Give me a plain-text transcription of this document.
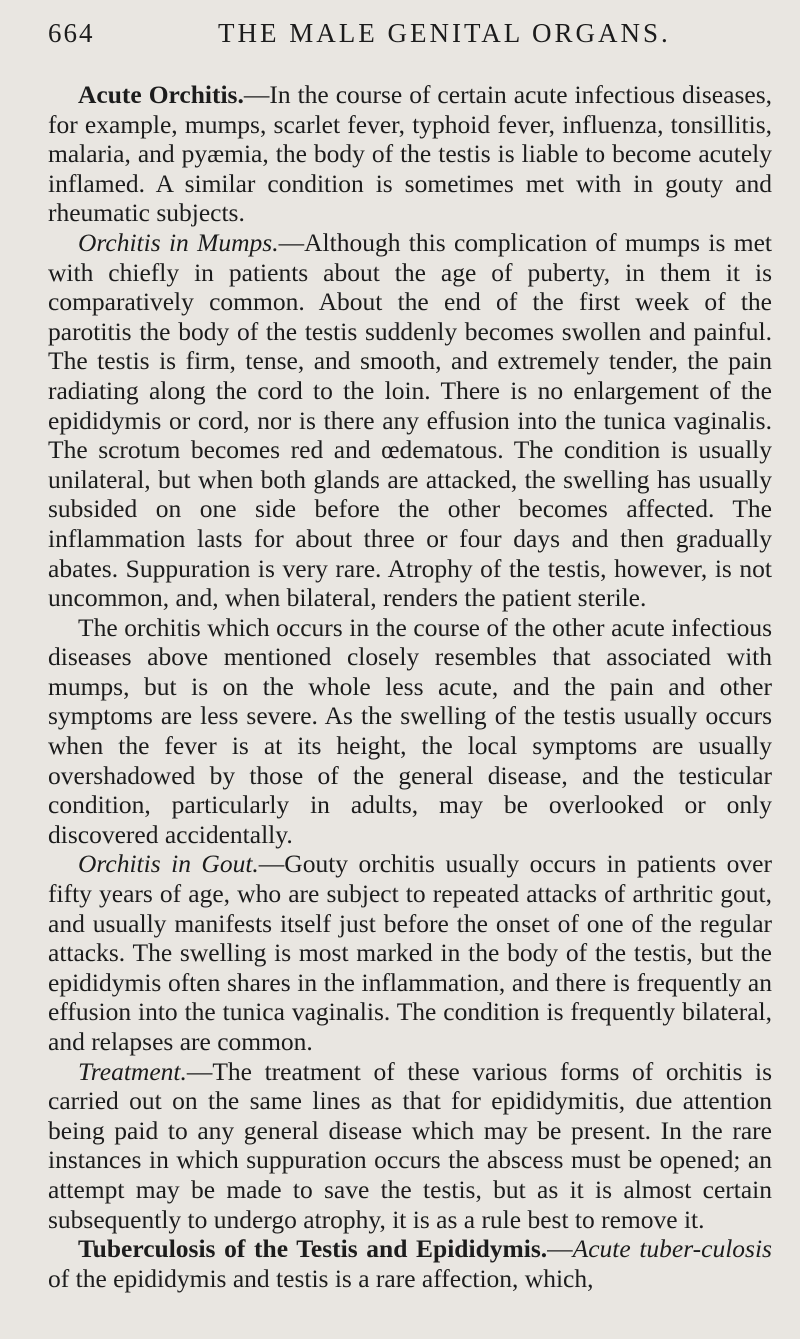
664	THE MALE GENITAL ORGANS.

Acute Orchitis.—In the course of certain acute infectious diseases, for example, mumps, scarlet fever, typhoid fever, influenza, tonsillitis, malaria, and pyæmia, the body of the testis is liable to become acutely inflamed. A similar condition is sometimes met with in gouty and rheumatic subjects.

Orchitis in Mumps.—Although this complication of mumps is met with chiefly in patients about the age of puberty, in them it is comparatively common. About the end of the first week of the parotitis the body of the testis suddenly becomes swollen and painful. The testis is firm, tense, and smooth, and extremely tender, the pain radiating along the cord to the loin. There is no enlargement of the epididymis or cord, nor is there any effusion into the tunica vaginalis. The scrotum becomes red and œdematous. The condition is usually unilateral, but when both glands are attacked, the swelling has usually subsided on one side before the other becomes affected. The inflammation lasts for about three or four days and then gradually abates. Suppuration is very rare. Atrophy of the testis, however, is not uncommon, and, when bilateral, renders the patient sterile.

The orchitis which occurs in the course of the other acute infectious diseases above mentioned closely resembles that associated with mumps, but is on the whole less acute, and the pain and other symptoms are less severe. As the swelling of the testis usually occurs when the fever is at its height, the local symptoms are usually overshadowed by those of the general disease, and the testicular condition, particularly in adults, may be overlooked or only discovered accidentally.

Orchitis in Gout.—Gouty orchitis usually occurs in patients over fifty years of age, who are subject to repeated attacks of arthritic gout, and usually manifests itself just before the onset of one of the regular attacks. The swelling is most marked in the body of the testis, but the epididymis often shares in the inflammation, and there is frequently an effusion into the tunica vaginalis. The condition is frequently bilateral, and relapses are common.

Treatment.—The treatment of these various forms of orchitis is carried out on the same lines as that for epididymitis, due attention being paid to any general disease which may be present. In the rare instances in which suppuration occurs the abscess must be opened; an attempt may be made to save the testis, but as it is almost certain subsequently to undergo atrophy, it is as a rule best to remove it.

Tuberculosis of the Testis and Epididymis.—Acute tuber-culosis of the epididymis and testis is a rare affection, which,
